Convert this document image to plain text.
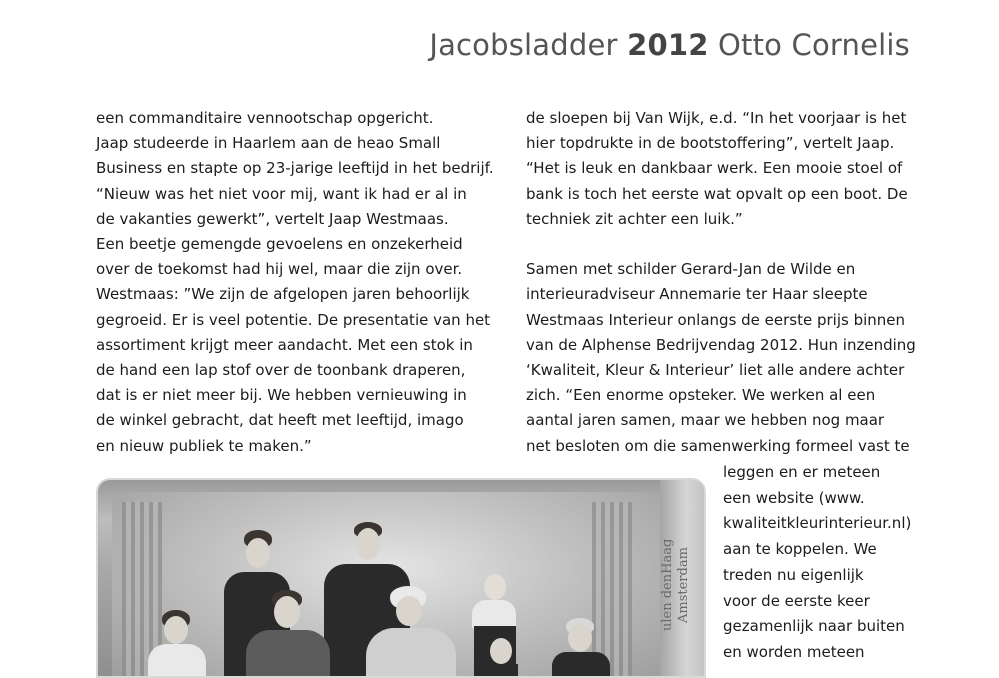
Jacobsladder 2012 Otto Cornelis
een commanditaire vennootschap opgericht.
Jaap studeerde in Haarlem aan de heao Small
Business en stapte op 23-jarige leeftijd in het bedrijf.
“Nieuw was het niet voor mij, want ik had er al in
de vakanties gewerkt”, vertelt Jaap Westmaas.
Een beetje gemengde gevoelens en onzekerheid
over de toekomst had hij wel, maar die zijn over.
Westmaas: ”We zijn de afgelopen jaren behoorlijk
gegroeid. Er is veel potentie. De presentatie van het
assortiment krijgt meer aandacht. Met een stok in
de hand een lap stof over de toonbank draperen,
dat is er niet meer bij. We hebben vernieuwing in
de winkel gebracht, dat heeft met leeftijd, imago
en nieuw publiek te maken.”
de sloepen bij Van Wijk, e.d. “In het voorjaar is het
hier topdrukte in de bootstoffering”, vertelt Jaap.
“Het is leuk en dankbaar werk. Een mooie stoel of
bank is toch het eerste wat opvalt op een boot. De
techniek zit achter een luik.”
Samen met schilder Gerard-Jan de Wilde en
interieuradviseur Annemarie ter Haar sleepte
Westmaas Interieur onlangs de eerste prijs binnen
van de Alphense Bedrijvendag 2012. Hun inzending
‘Kwaliteit, Kleur & Interieur’ liet alle andere achter
zich. “Een enorme opsteker. We werken al een
aantal jaren samen, maar we hebben nog maar
net besloten om die samenwerking formeel vast te
leggen en er meteen
een website (www.
kwaliteitkleurinterieur.nl)
aan te koppelen. We
treden nu eigenlijk
voor de eerste keer
gezamenlijk naar buiten
en worden meteen
ulen denHaag Amsterdam
